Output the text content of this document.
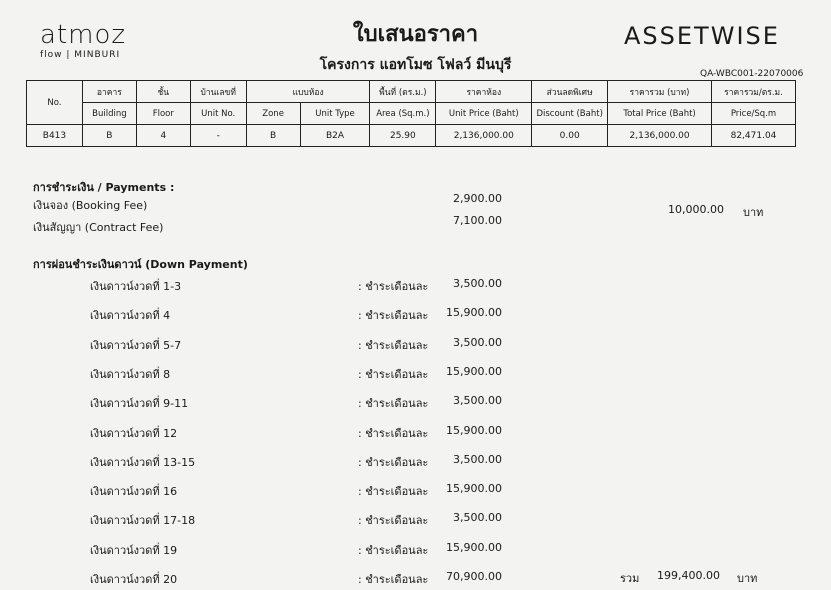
atmoz
flow | MINBURI
ใบเสนอราคา
โครงการ แอทโมซ โฟลว์ มีนบุรี
ASSETWISE
QA-WBC001-22070006
No.	อาคาร	ชั้น	บ้านเลขที่	แบบห้อง		พื้นที่ (ตร.ม.)	ราคาห้อง	ส่วนลดพิเศษ	ราคารวม (บาท)	ราคารวม/ตร.ม.
	Building	Floor	Unit No.	Zone	Unit Type	Area (Sq.m.)	Unit Price (Baht)	Discount (Baht)	Total Price (Baht)	Price/Sq.m
B413	B	4	-	B	B2A	25.90	2,136,000.00	0.00	2,136,000.00	82,471.04
การชำระเงิน / Payments :
เงินจอง (Booking Fee)
2,900.00
เงินสัญญา (Contract Fee)
7,100.00
10,000.00 บาท
การผ่อนชำระเงินดาวน์ (Down Payment)
เงินดาวน์งวดที่ 1-3	: ชำระเดือนละ	3,500.00
เงินดาวน์งวดที่ 4	: ชำระเดือนละ	15,900.00
เงินดาวน์งวดที่ 5-7	: ชำระเดือนละ	3,500.00
เงินดาวน์งวดที่ 8	: ชำระเดือนละ	15,900.00
เงินดาวน์งวดที่ 9-11	: ชำระเดือนละ	3,500.00
เงินดาวน์งวดที่ 12	: ชำระเดือนละ	15,900.00
เงินดาวน์งวดที่ 13-15	: ชำระเดือนละ	3,500.00
เงินดาวน์งวดที่ 16	: ชำระเดือนละ	15,900.00
เงินดาวน์งวดที่ 17-18	: ชำระเดือนละ	3,500.00
เงินดาวน์งวดที่ 19	: ชำระเดือนละ	15,900.00
เงินดาวน์งวดที่ 20	: ชำระเดือนละ	70,900.00	รวม	199,400.00 บาท
